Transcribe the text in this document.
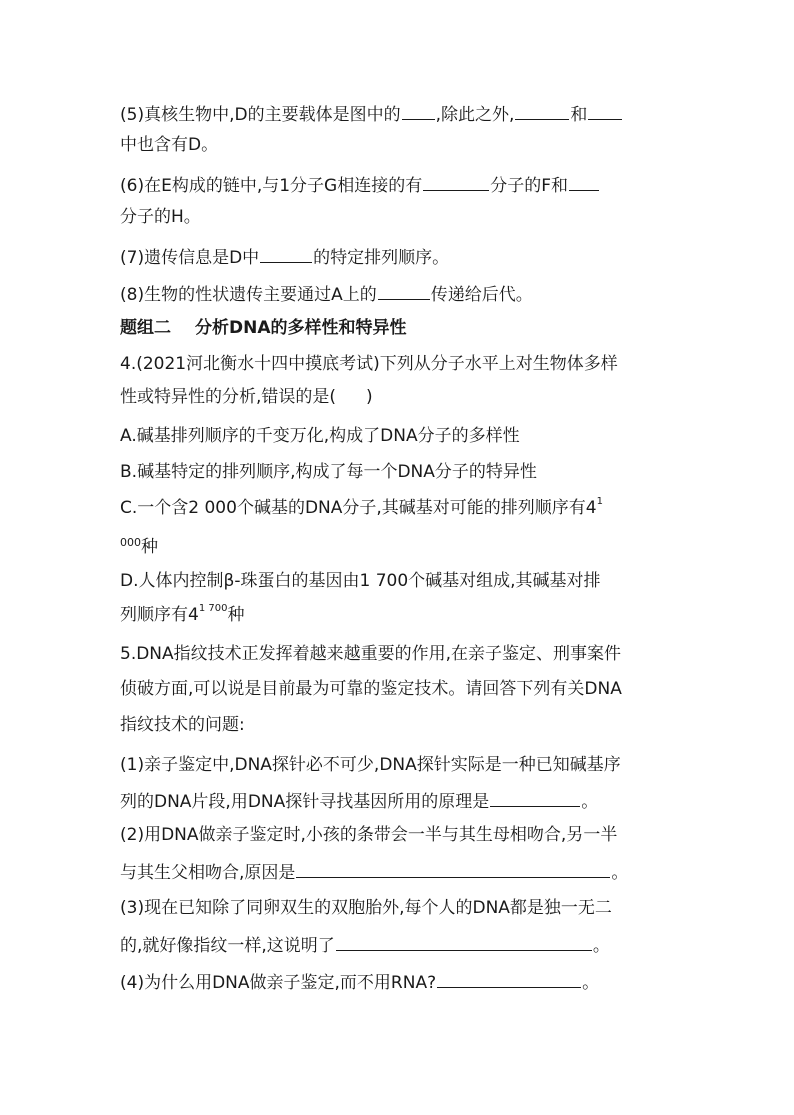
(5)真核生物中,D的主要载体是图中的 ,除此之外,	和
中也含有D。
(6)在E构成的链中,与1分子G相连接的有	分子的F和
分子的H。
(7)遗传信息是D中	的特定排列顺序。
(8)生物的性状遗传主要通过A上的	传递给后代。
题组二 分析DNA的多样性和特异性
4.(2021河北衡水十四中摸底考试)下列从分子水平上对生物体多样
性或特异性的分析,错误的是( )
A.碱基排列顺序的千变万化,构成了DNA分子的多样性
B.碱基特定的排列顺序,构成了每一个DNA分子的特异性
C.一个含2 000个碱基的DNA分子,其碱基对可能的排列顺序有$4^1$
$^{000}$种
D.人体内控制β-珠蛋白的基因由1 700个碱基对组成,其碱基对排
列顺序有$4^{1 700}$种
5.DNA指纹技术正发挥着越来越重要的作用,在亲子鉴定、刑事案件
侦破方面,可以说是目前最为可靠的鉴定技术。请回答下列有关DNA
指纹技术的问题:
(1)亲子鉴定中,DNA探针必不可少,DNA探针实际是一种已知碱基序
列的DNA片段,用DNA探针寻找基因所用的原理是	。
(2)用DNA做亲子鉴定时,小孩的条带会一半与其生母相吻合,另一半
与其生父相吻合,原因是	。
(3)现在已知除了同卵双生的双胞胎外,每个人的DNA都是独一无二
的,就好像指纹一样,这说明了	。
(4)为什么用DNA做亲子鉴定,而不用RNA?	。
